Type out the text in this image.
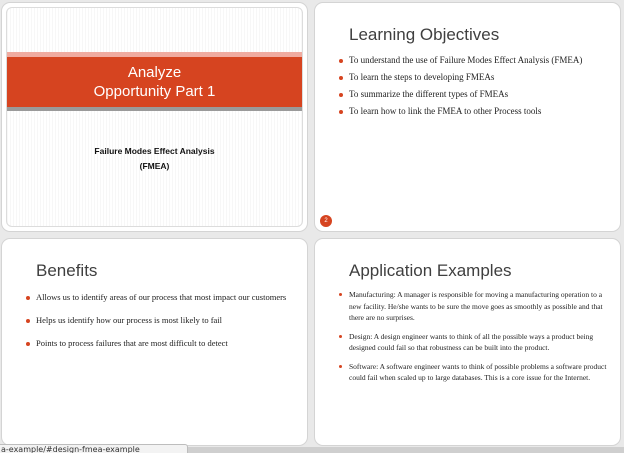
Analyze
Opportunity Part 1
Failure Modes Effect Analysis
(FMEA)
Learning Objectives
To understand the use of Failure Modes Effect Analysis (FMEA)
To learn the steps to developing FMEAs
To summarize the different types of FMEAs
To learn how to link the FMEA to other Process tools
2
Benefits
Allows us to identify areas of our process that most impact our customers
Helps us identify how our process is most likely to fail
Points to process failures that are most difficult to detect
Application Examples
Manufacturing: A manager is responsible for moving a manufacturing operation to a new facility. He/she wants to be sure the move goes as smoothly as possible and that there are no surprises.
Design: A design engineer wants to think of all the possible ways a product being designed could fail so that robustness can be built into the product.
Software: A software engineer wants to think of possible problems a software product could fail when scaled up to large databases. This is a core issue for the Internet.
a-example/#design-fmea-example
